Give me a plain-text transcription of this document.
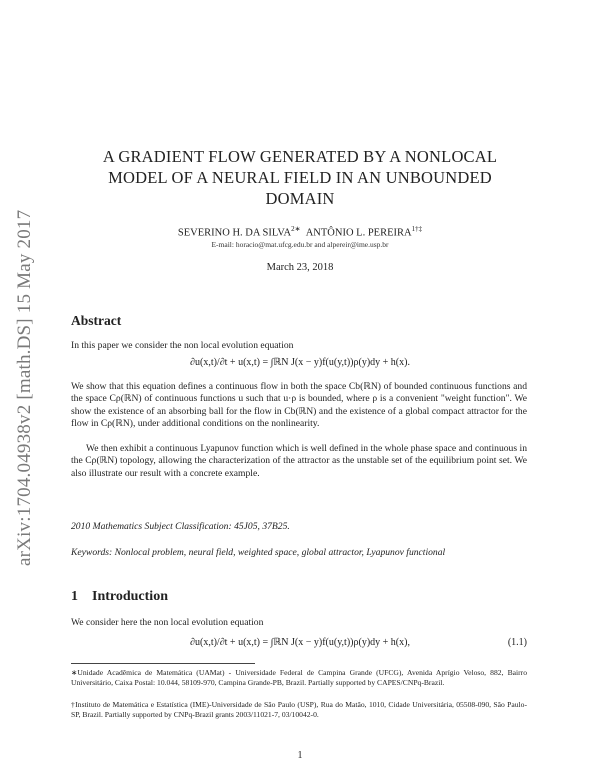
arXiv:1704.04938v2 [math.DS] 15 May 2017
A GRADIENT FLOW GENERATED BY A NONLOCAL MODEL OF A NEURAL FIELD IN AN UNBOUNDED DOMAIN
SEVERINO H. DA $SILVA^{2∗}$ ANTÔNIO L. $PEREIRA^{1\dagger\ddagger}$
E-mail: horacio@mat.ufcg.edu.br and alpereir@ime.usp.br
March 23, 2018
Abstract
In this paper we consider the non local evolution equation
∂u(x,t)/∂t + u(x,t) = ∫ℝN J(x − y)f(u(y,t))ρ(y)dy + h(x).
We show that this equation defines a continuous flow in both the space Cb(ℝN) of bounded continuous functions and the space Cρ(ℝN) of continuous functions u such that u·ρ is bounded, where ρ is a convenient "weight function". We show the existence of an absorbing ball for the flow in Cb(ℝN) and the existence of a global compact attractor for the flow in Cρ(ℝN), under additional conditions on the nonlinearity.
We then exhibit a continuous Lyapunov function which is well defined in the whole phase space and continuous in the Cρ(ℝN) topology, allowing the characterization of the attractor as the unstable set of the equilibrium point set. We also illustrate our result with a concrete example.
2010 Mathematics Subject Classification: 45J05, 37B25.
Keywords: Nonlocal problem, neural field, weighted space, global attractor, Lyapunov functional
1 Introduction
We consider here the non local evolution equation
∂u(x,t)/∂t + u(x,t) = ∫ℝN J(x − y)f(u(y,t))ρ(y)dy + h(x),	(1.1)
∗Unidade Acadêmica de Matemática (UAMat) - Universidade Federal de Campina Grande (UFCG), Avenida Aprígio Veloso, 882, Bairro Universitário, Caixa Postal: 10.044, 58109-970, Campina Grande-PB, Brazil. Partially supported by CAPES/CNPq-Brazil.
†Instituto de Matemática e Estatística (IME)-Universidade de São Paulo (USP), Rua do Matão, 1010, Cidade Universitária, 05508-090, São Paulo-SP, Brazil. Partially supported by CNPq-Brazil grants 2003/11021-7, 03/10042-0.
1
